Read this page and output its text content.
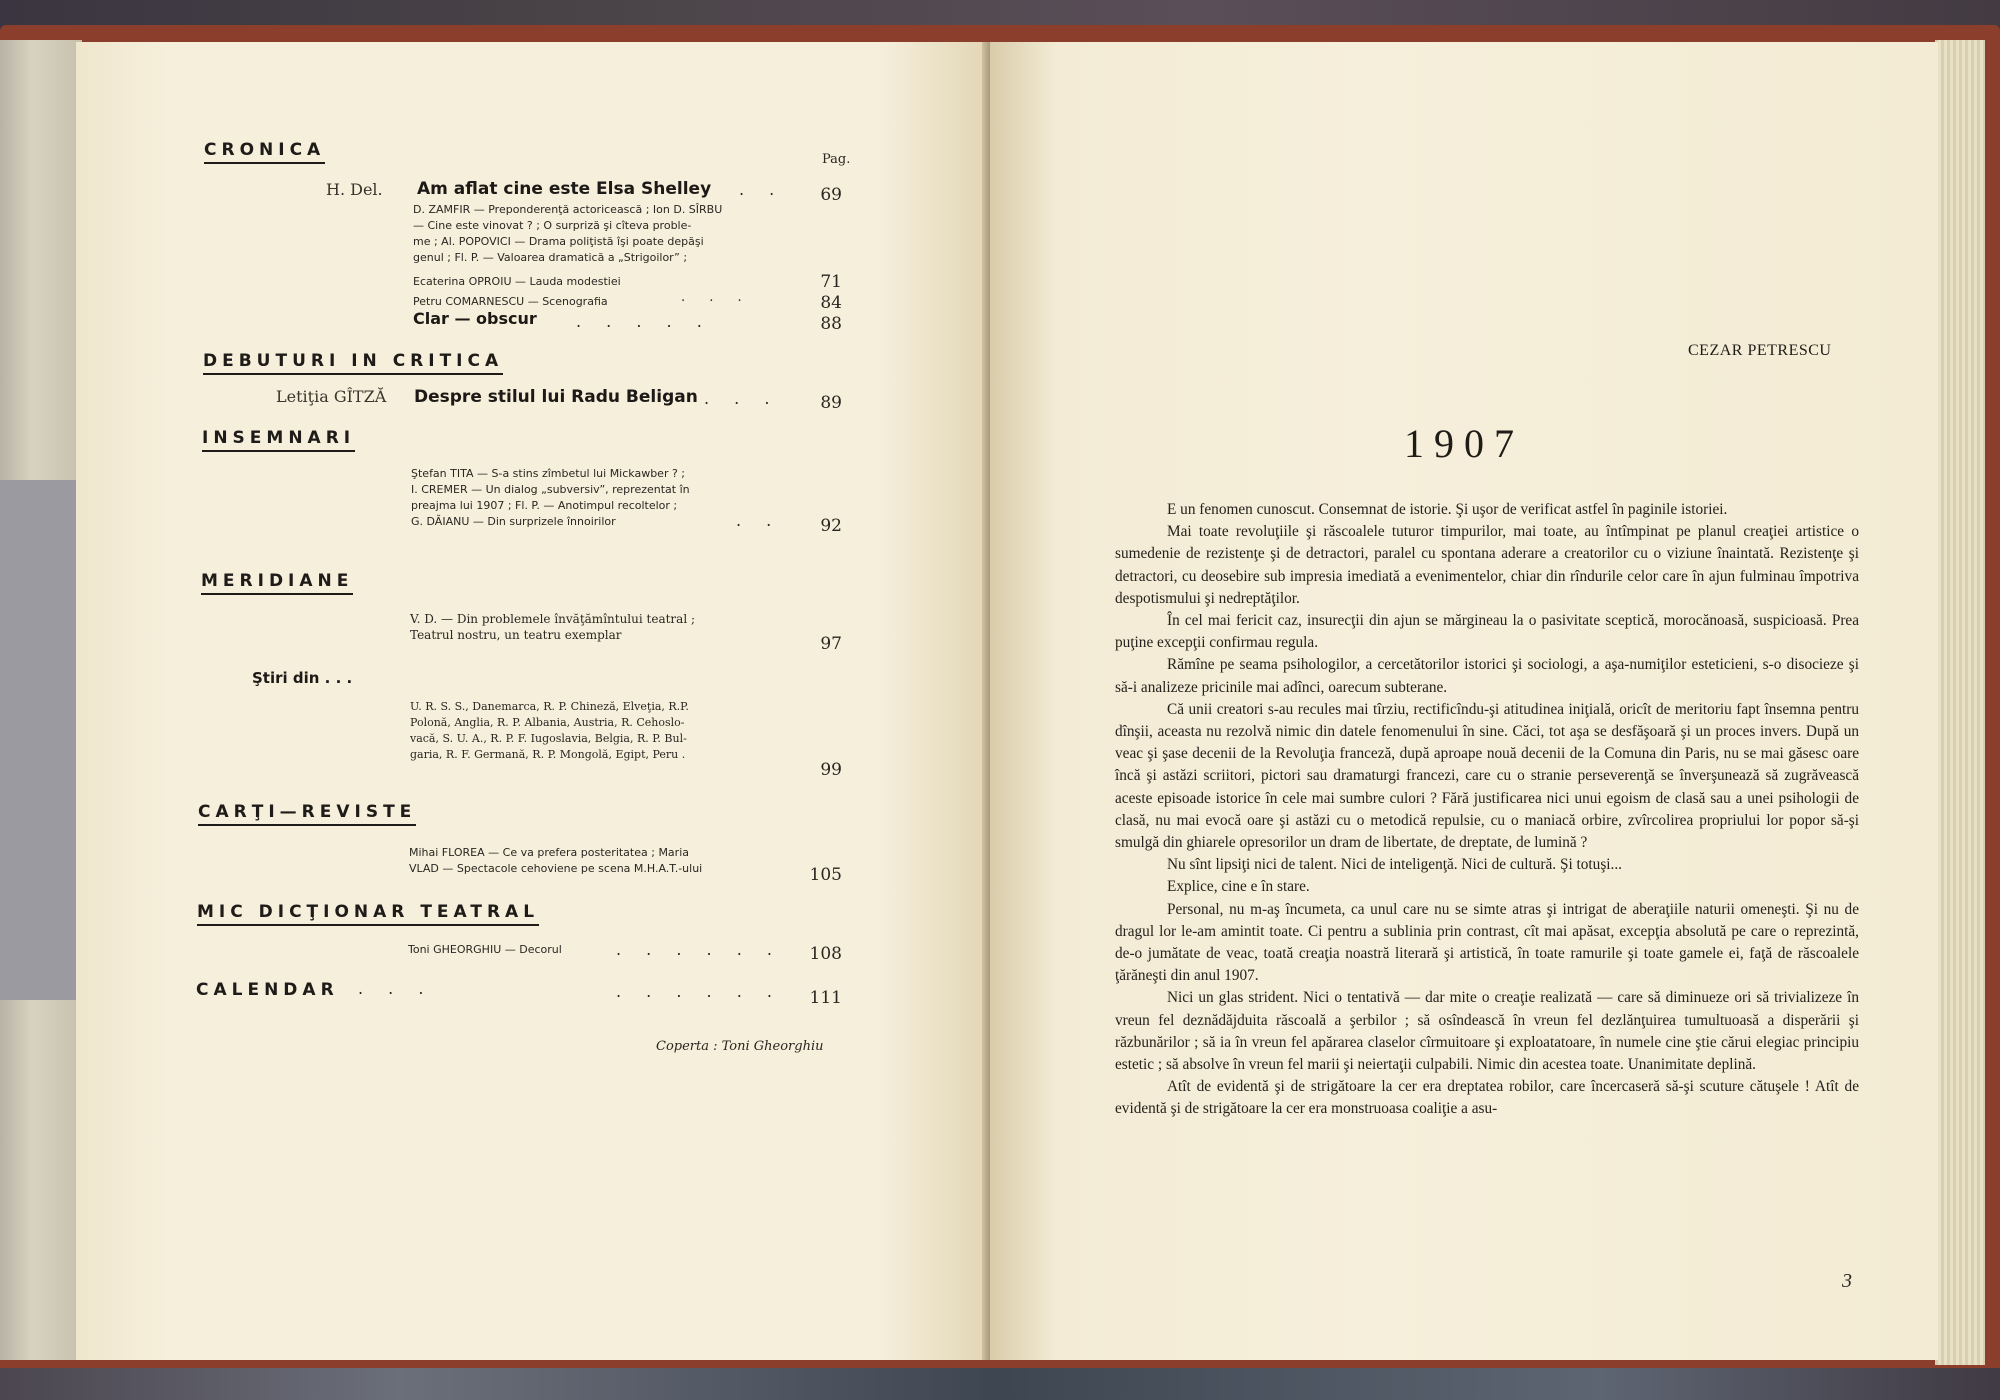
Pag.
CRONICA
H. Del. Am aflat cine este Elsa Shelley . .	69
D. ZAMFIR — Preponderenţă actoricească ; Ion D. SÎRBU
— Cine este vinovat ? ; O surpriză şi cîteva proble-
me ; Al. POPOVICI — Drama poliţistă îşi poate depăşi
genul ; Fl. P. — Valoarea dramatică a „Strigoilor” ;
Ecaterina OPROIU — Lauda modestiei	71
Petru COMARNESCU — Scenografia	. . .	84
Clar — obscur . . . . .	88
DEBUTURI IN CRITICA
Letiţia GÎTZĂ Despre stilul lui Radu Beligan . . .	89
INSEMNARI
Ştefan TITA — S-a stins zîmbetul lui Mickawber ? ;
I. CREMER — Un dialog „subversiv”, reprezentat în
preajma lui 1907 ; Fl. P. — Anotimpul recoltelor ;
G. DĂIANU — Din surprizele înnoirilor	. .	92
MERIDIANE
V. D. — Din problemele învăţămîntului teatral ;
Teatrul nostru, un teatru exemplar	97
Ştiri din . . .
U. R. S. S., Danemarca, R. P. Chineză, Elveţia, R.P.
Polonă, Anglia, R. P. Albania, Austria, R. Cehoslo-
vacă, S. U. A., R. P. F. Iugoslavia, Belgia, R. P. Bul-
garia, R. F. Germană, R. P. Mongolă, Egipt, Peru .
99
CARŢI—REVISTE
Mihai FLOREA — Ce va prefera posteritatea ; Maria
VLAD — Spectacole cehoviene pe scena M.H.A.T.-ului	105
MIC DICŢIONAR TEATRAL
Toni GHEORGHIU — Decorul	. . . . . .	108
CALENDAR . . .	. . . . . .	111
Coperta : Toni Gheorghiu
CEZAR PETRESCU
1907

E un fenomen cunoscut. Consemnat de istorie. Şi uşor de verificat astfel în paginile istoriei.

Mai toate revoluţiile şi răscoalele tuturor timpurilor, mai toate, au întîmpinat pe planul creaţiei artistice o sumedenie de rezistenţe şi de detractori, paralel cu spontana aderare a creatorilor cu o viziune înaintată. Rezistenţe şi detractori, cu deosebire sub impresia imediată a evenimentelor, chiar din rîndurile celor care în ajun fulminau împotriva despotismului şi nedreptăţilor.

În cel mai fericit caz, insurecţii din ajun se mărgineau la o pasivitate sceptică, morocănoasă, suspicioasă. Prea puţine excepţii confirmau regula.

Rămîne pe seama psihologilor, a cercetătorilor istorici şi sociologi, a aşa-numiţilor esteticieni, s-o disocieze şi să-i analizeze pricinile mai adînci, oarecum subterane.

Că unii creatori s-au recules mai tîrziu, rectificîndu-şi atitudinea iniţială, oricît de meritoriu fapt însemna pentru dînşii, aceasta nu rezolvă nimic din datele fenomenului în sine. Căci, tot aşa se desfăşoară şi un proces invers. După un veac şi şase decenii de la Revoluţia franceză, după aproape nouă decenii de la Comuna din Paris, nu se mai găsesc oare încă şi astăzi scriitori, pictori sau dramaturgi francezi, care cu o stranie perseverenţă se înverşunează să zugrăvească aceste episoade istorice în cele mai sumbre culori ? Fără justificarea nici unui egoism de clasă sau a unei psihologii de clasă, nu mai evocă oare şi astăzi cu o metodică repulsie, cu o maniacă orbire, zvîrcolirea propriului lor popor să-şi smulgă din ghiarele opresorilor un dram de libertate, de dreptate, de lumină ?

Nu sînt lipsiţi nici de talent. Nici de inteligenţă. Nici de cultură. Şi totuşi...

Explice, cine e în stare.

Personal, nu m-aş încumeta, ca unul care nu se simte atras şi intrigat de aberaţiile naturii omeneşti. Şi nu de dragul lor le-am amintit toate. Ci pentru a sublinia prin contrast, cît mai apăsat, excepţia absolută pe care o reprezintă, de-o jumătate de veac, toată creaţia noastră literară şi artistică, în toate ramurile şi toate gamele ei, faţă de răscoalele ţărăneşti din anul 1907.

Nici un glas strident. Nici o tentativă — dar mite o creaţie realizată — care să diminueze ori să trivializeze în vreun fel deznădăjduita răscoală a şerbilor ; să osîndească în vreun fel dezlănţuirea tumultuoasă a disperării şi răzbunărilor ; să ia în vreun fel apărarea claselor cîrmuitoare şi exploatatoare, în numele cine ştie cărui elegiac principiu estetic ; să absolve în vreun fel marii şi neiertaţii culpabili. Nimic din acestea toate. Unanimitate deplină.

Atît de evidentă şi de strigătoare la cer era dreptatea robilor, care încercaseră să-şi scuture cătuşele ! Atît de evidentă şi de strigătoare la cer era monstruoasa coaliţie a asu-

3
